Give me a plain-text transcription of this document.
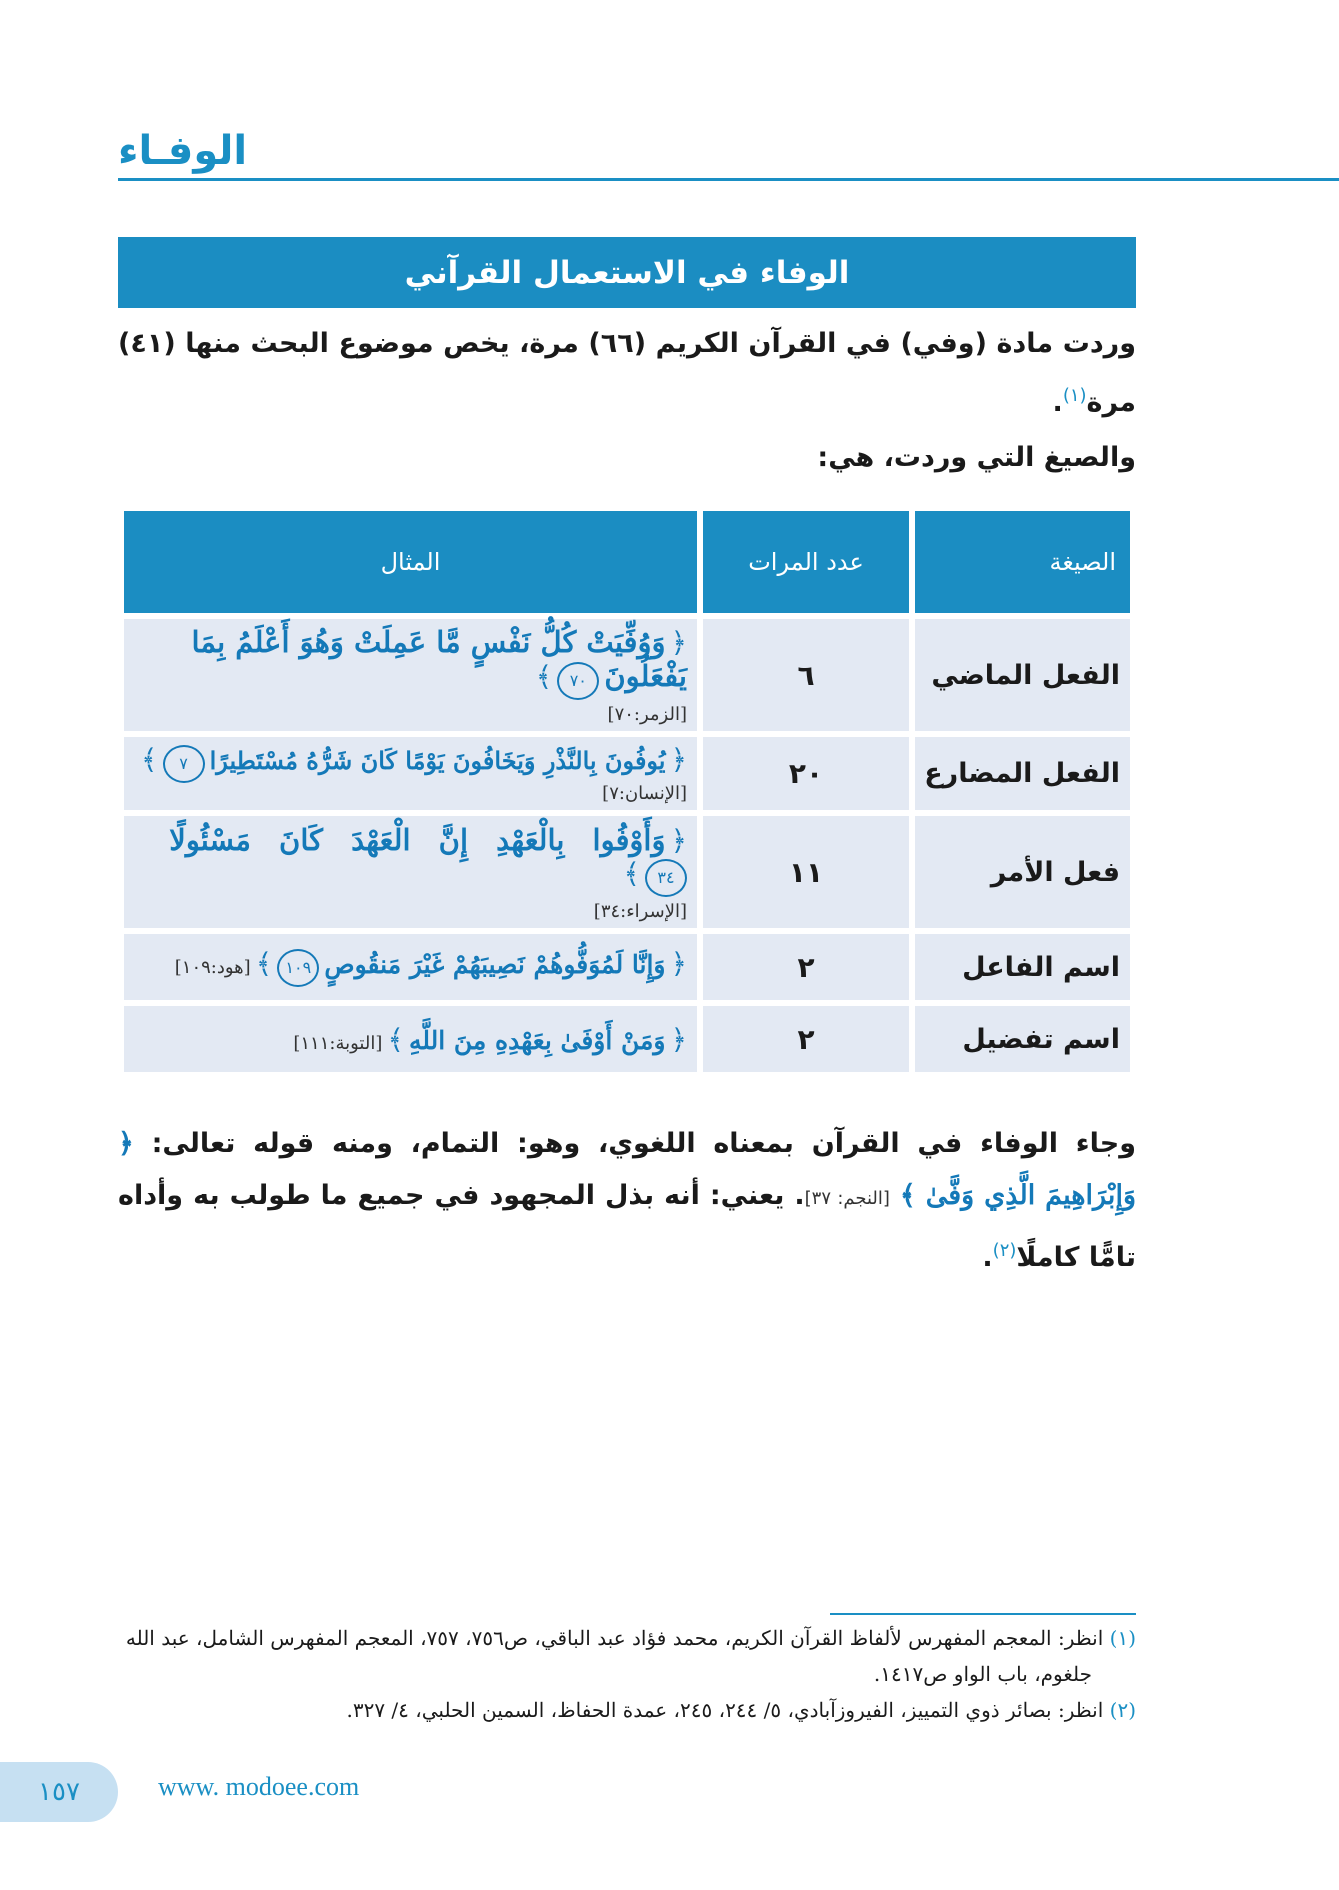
الوفـاء
الوفاء في الاستعمال القرآني
وردت مادة (وفي) في القرآن الكريم (٦٦) مرة، يخص موضوع البحث منها (٤١) مرة$^{(١)}$.
والصيغ التي وردت، هي:
الصيغة	عدد المرات	المثال
الفعل الماضي	٦	﴿ وَوُفِّيَتْ كُلُّ نَفْسٍ مَّا عَمِلَتْ وَهُوَ أَعْلَمُ بِمَا يَفْعَلُونَ ٧٠ ﴾
[الزمر:٧٠]

الفعل المضارع	٢٠	﴿ يُوفُونَ بِالنَّذْرِ وَيَخَافُونَ يَوْمًا كَانَ شَرُّهُ مُسْتَطِيرًا ٧ ﴾ [الإنسان:٧]
فعل الأمر	١١	﴿ وَأَوْفُوا بِالْعَهْدِ إِنَّ الْعَهْدَ كَانَ مَسْئُولًا ٣٤ ﴾
[الإسراء:٣٤]

اسم الفاعل	٢	﴿ وَإِنَّا لَمُوَفُّوهُمْ نَصِيبَهُمْ غَيْرَ مَنقُوصٍ ١٠٩ ﴾ [هود:١٠٩]
اسم تفضيل	٢	﴿ وَمَنْ أَوْفَىٰ بِعَهْدِهِ مِنَ اللَّهِ ﴾ [التوبة:١١١]
وجاء الوفاء في القرآن بمعناه اللغوي، وهو: التمام، ومنه قوله تعالى: ﴿ وَإِبْرَاهِيمَ الَّذِي وَفَّىٰ ﴾ [النجم: ٣٧]. يعني: أنه بذل المجهود في جميع ما طولب به وأداه تامًّا كاملًا$^{(٢)}$.
(١) انظر: المعجم المفهرس لألفاظ القرآن الكريم، محمد فؤاد عبد الباقي، ص٧٥٦، ٧٥٧، المعجم المفهرس الشامل، عبد الله جلغوم، باب الواو ص١٤١٧.
(٢) انظر: بصائر ذوي التمييز، الفيروزآبادي، ٥/ ٢٤٤، ٢٤٥، عمدة الحفاظ، السمين الحلبي، ٤/ ٣٢٧.
١٥٧	www. modoee.com
